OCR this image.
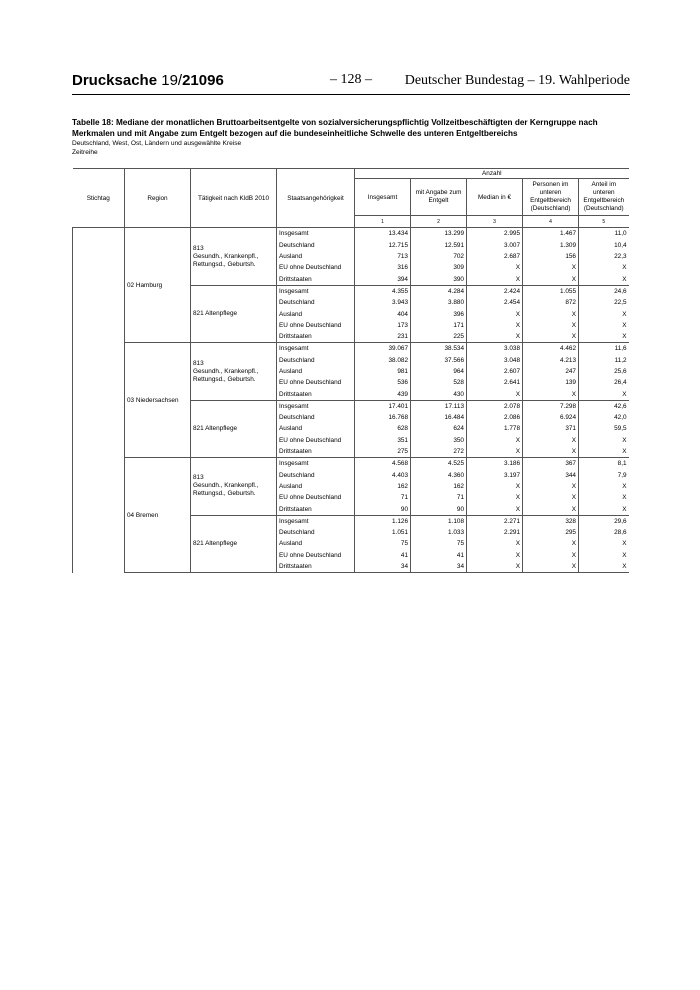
Drucksache 19/21096	– 128 –	Deutscher Bundestag – 19. Wahlperiode
Tabelle 18: Mediane der monatlichen Bruttoarbeitsentgelte von sozialversicherungspflichtig Vollzeitbeschäftigten der Kerngruppe nach Merkmalen und mit Angabe zum Entgelt bezogen auf die bundeseinheitliche Schwelle des unteren Entgeltbereichs
Deutschland, West, Ost, Ländern und ausgewählte Kreise
Zeitreihe
Stichtag	Region	Tätigkeit nach KldB 2010	Staatsangehörigkeit	Anzahl				
				Insgesamt	mit Angabe zum Entgelt	Median in €	Personen im unteren Entgeltbereich (Deutschland)	Anteil im unteren Entgeltbereich (Deutschland)
				1	2	3	4	5
	02 Hamburg	813
Gesundh., Krankenpfl.,
Rettungsd., Geburtsh.	Insgesamt	13.434	13.299	2.995	1.467	11,0
			Deutschland	12.715	12.591	3.007	1.309	10,4
			Ausland	713	702	2.687	156	22,3
			EU ohne Deutschland	316	309	X	X	X
			Drittstaaten	394	390	X	X	X

		821 Altenpflege	Insgesamt	4.355	4.284	2.424	1.055	24,6
			Deutschland	3.943	3.880	2.454	872	22,5
			Ausland	404	396	X	X	X
			EU ohne Deutschland	173	171	X	X	X
			Drittstaaten	231	225	X	X	X
	03 Niedersachsen	813
Gesundh., Krankenpfl.,
Rettungsd., Geburtsh.	Insgesamt	39.067	38.534	3.038	4.462	11,6
			Deutschland	38.082	37.566	3.048	4.213	11,2
			Ausland	981	964	2.607	247	25,6
			EU ohne Deutschland	536	528	2.641	139	26,4
			Drittstaaten	439	430	X	X	X

		821 Altenpflege	Insgesamt	17.401	17.113	2.078	7.298	42,6
			Deutschland	16.768	16.484	2.086	6.924	42,0
			Ausland	628	624	1.778	371	59,5
			EU ohne Deutschland	351	350	X	X	X
			Drittstaaten	275	272	X	X	X
	04 Bremen	813
Gesundh., Krankenpfl.,
Rettungsd., Geburtsh.	Insgesamt	4.568	4.525	3.186	367	8,1
			Deutschland	4.403	4.360	3.197	344	7,9
			Ausland	162	162	X	X	X
			EU ohne Deutschland	71	71	X	X	X
			Drittstaaten	90	90	X	X	X

		821 Altenpflege	Insgesamt	1.126	1.108	2.271	328	29,6
			Deutschland	1.051	1.033	2.291	295	28,6
			Ausland	75	75	X	X	X
			EU ohne Deutschland	41	41	X	X	X
			Drittstaaten	34	34	X	X	X
